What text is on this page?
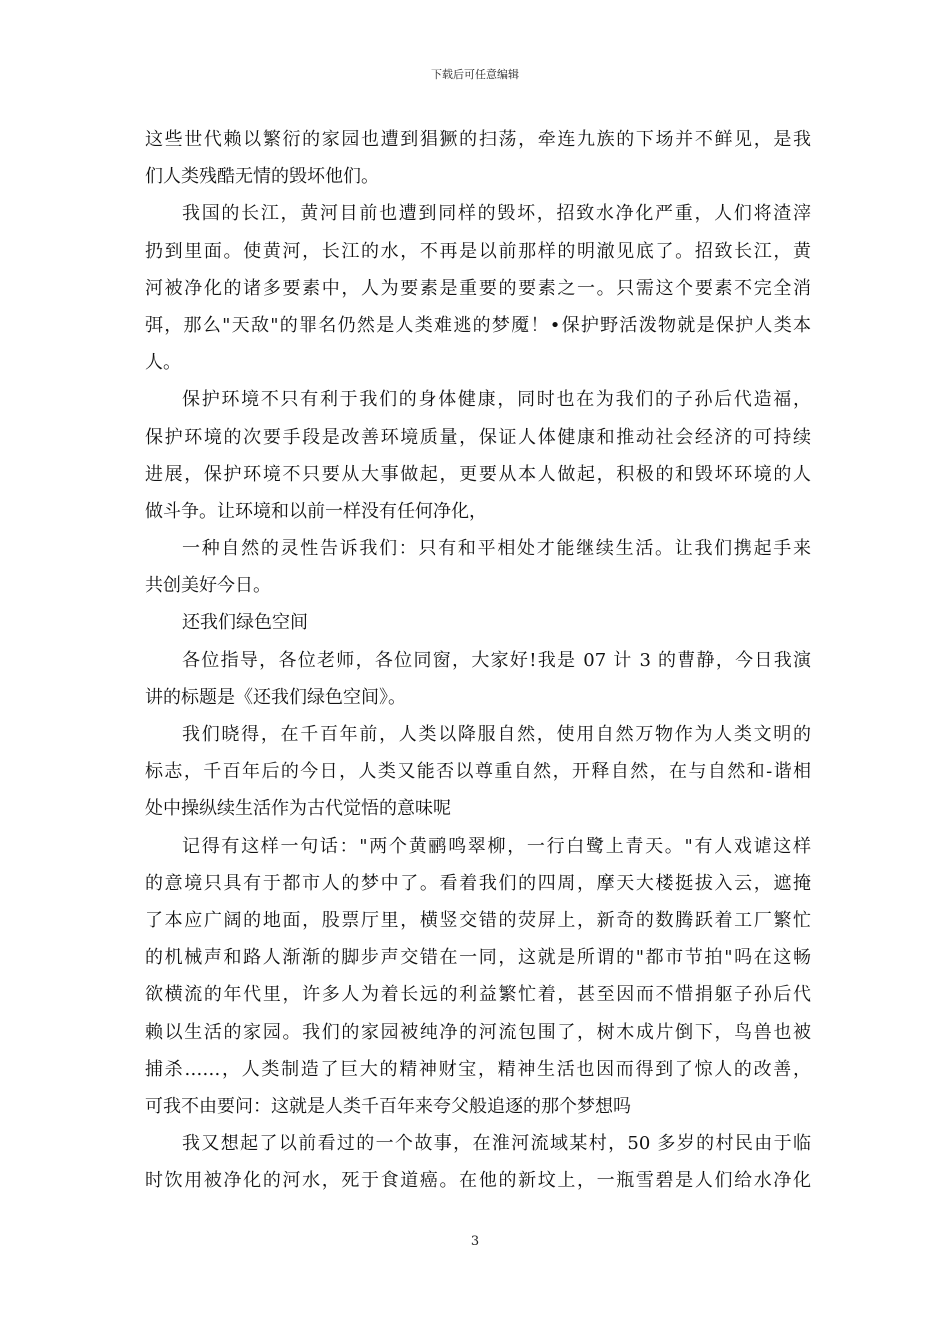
下载后可任意编辑
这些世代赖以繁衍的家园也遭到猖獗的扫荡，牵连九族的下场并不鲜见，是我
们人类残酷无情的毁坏他们。
我国的长江，黄河目前也遭到同样的毁坏，招致水净化严重，人们将渣滓
扔到里面。使黄河，长江的水，不再是以前那样的明澈见底了。招致长江，黄
河被净化的诸多要素中，人为要素是重要的要素之一。只需这个要素不完全消
弭，那么"天敌"的罪名仍然是人类难逃的梦魇！•保护野活泼物就是保护人类本
人。
保护环境不只有利于我们的身体健康，同时也在为我们的子孙后代造福，
保护环境的次要手段是改善环境质量，保证人体健康和推动社会经济的可持续
进展，保护环境不只要从大事做起，更要从本人做起，积极的和毁坏环境的人
做斗争。让环境和以前一样没有任何净化，
一种自然的灵性告诉我们：只有和平相处才能继续生活。让我们携起手来
共创美好今日。
还我们绿色空间
各位指导，各位老师，各位同窗，大家好!我是 07 计 3 的曹静，今日我演
讲的标题是《还我们绿色空间》。
我们晓得，在千百年前，人类以降服自然，使用自然万物作为人类文明的
标志，千百年后的今日，人类又能否以尊重自然，开释自然，在与自然和-谐相
处中操纵续生活作为古代觉悟的意味呢
记得有这样一句话："两个黄鹂鸣翠柳，一行白鹭上青天。"有人戏谑这样
的意境只具有于都市人的梦中了。看着我们的四周，摩天大楼挺拔入云，遮掩
了本应广阔的地面，股票厅里，横竖交错的荧屏上，新奇的数腾跃着工厂繁忙
的机械声和路人渐渐的脚步声交错在一同，这就是所谓的"都市节拍"吗在这畅
欲横流的年代里，许多人为着长远的利益繁忙着，甚至因而不惜捐躯子孙后代
赖以生活的家园。我们的家园被纯净的河流包围了，树木成片倒下，鸟兽也被
捕杀……，人类制造了巨大的精神财宝，精神生活也因而得到了惊人的改善，
可我不由要问：这就是人类千百年来夸父般追逐的那个梦想吗
我又想起了以前看过的一个故事，在淮河流域某村，50 多岁的村民由于临
时饮用被净化的河水，死于食道癌。在他的新坟上，一瓶雪碧是人们给水净化
3
